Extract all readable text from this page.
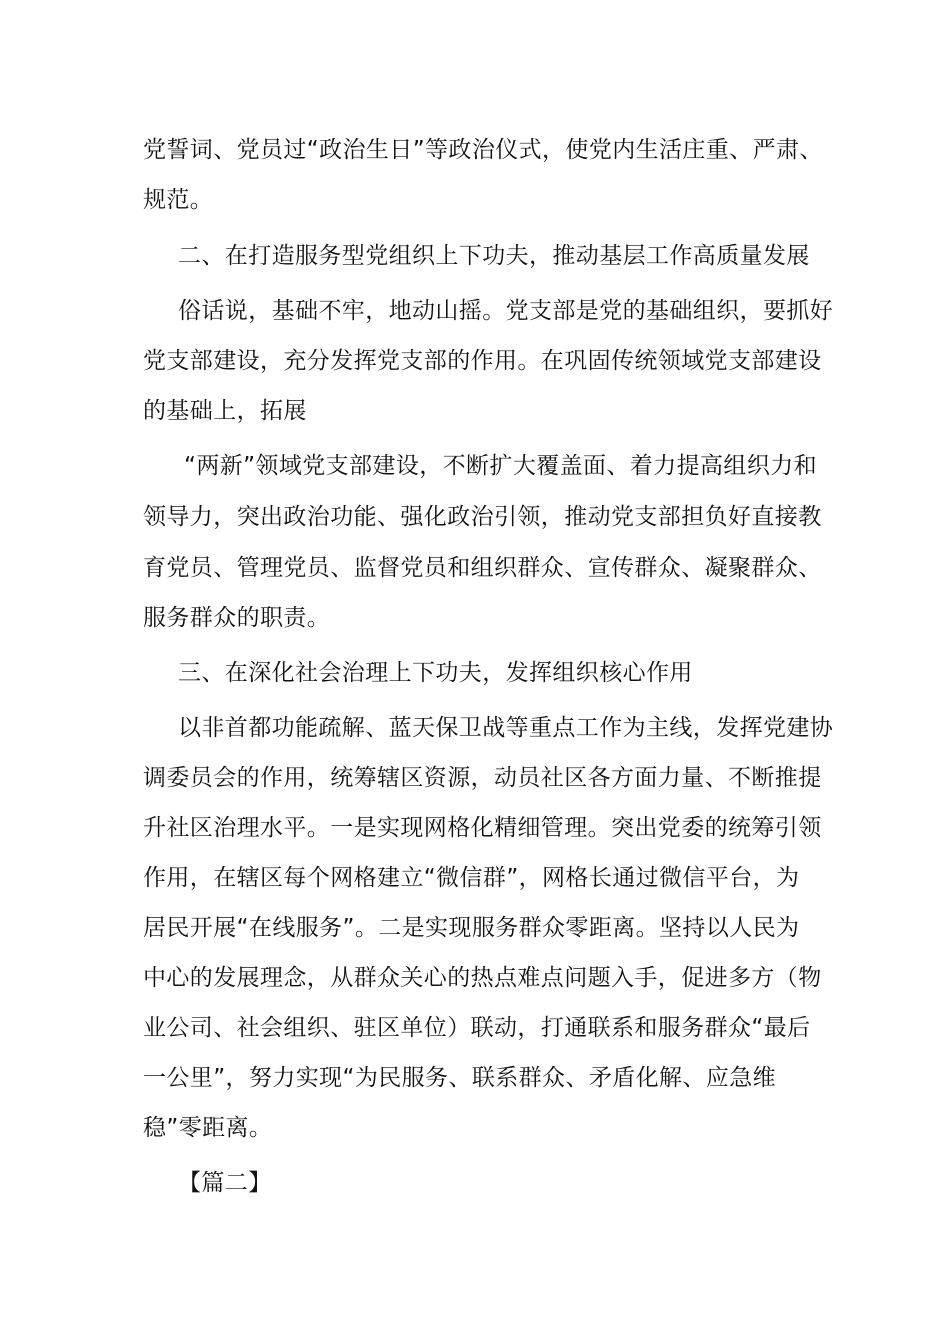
党誓词、党员过“政治生日”等政治仪式，使党内生活庄重、严肃、
规范。
二、在打造服务型党组织上下功夫，推动基层工作高质量发展
俗话说，基础不牢，地动山摇。党支部是党的基础组织，要抓好
党支部建设，充分发挥党支部的作用。在巩固传统领域党支部建设
的基础上，拓展
“两新”领域党支部建设，不断扩大覆盖面、着力提高组织力和
领导力，突出政治功能、强化政治引领，推动党支部担负好直接教
育党员、管理党员、监督党员和组织群众、宣传群众、凝聚群众、
服务群众的职责。
三、在深化社会治理上下功夫，发挥组织核心作用
以非首都功能疏解、蓝天保卫战等重点工作为主线，发挥党建协
调委员会的作用，统筹辖区资源，动员社区各方面力量、不断推提
升社区治理水平。一是实现网格化精细管理。突出党委的统筹引领
作用，在辖区每个网格建立“微信群”，网格长通过微信平台，为
居民开展“在线服务”。二是实现服务群众零距离。坚持以人民为
中心的发展理念，从群众关心的热点难点问题入手，促进多方（物
业公司、社会组织、驻区单位）联动，打通联系和服务群众“最后
一公里”，努力实现“为民服务、联系群众、矛盾化解、应急维
稳”零距离。
【篇二】
